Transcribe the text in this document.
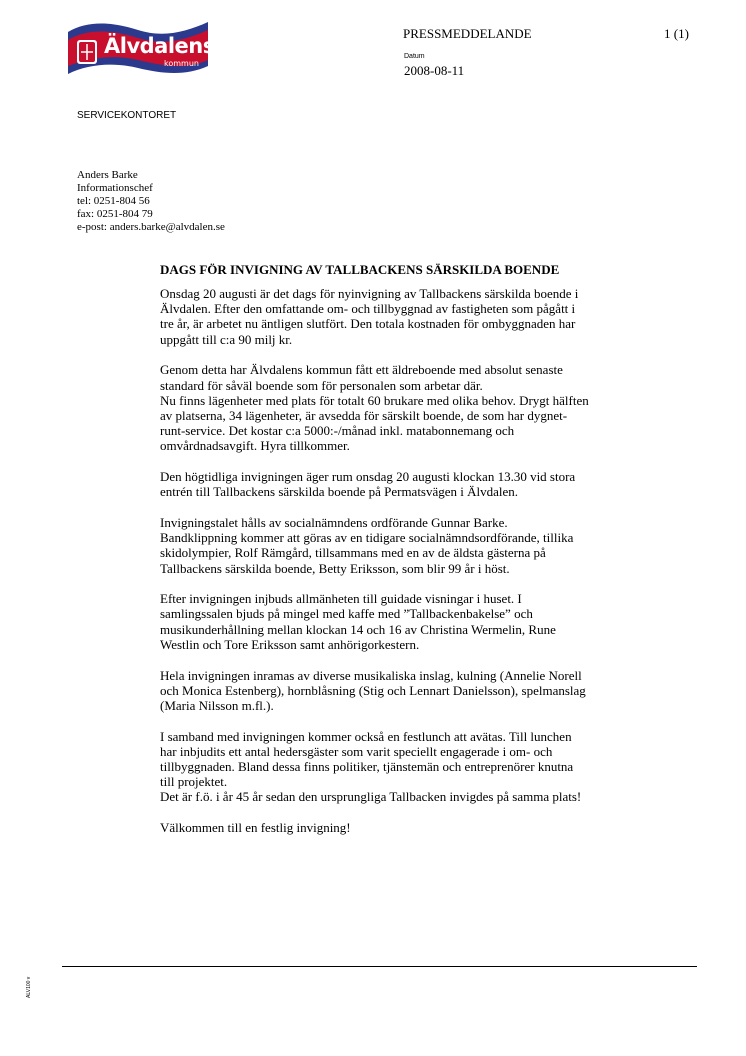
Älvdalens
kommun
PRESSMEDDELANDE	1 (1)
Datum
2008-08-11
SERVICEKONTORET
Anders Barke
Informationschef
tel: 0251-804 56
fax: 0251-804 79
e-post: anders.barke@alvdalen.se
DAGS FÖR INVIGNING AV TALLBACKENS SÄRSKILDA BOENDE

Onsdag 20 augusti är det dags för nyinvigning av Tallbackens särskilda boende i
Älvdalen. Efter den omfattande om- och tillbyggnad av fastigheten som pågått i
tre år, är arbetet nu äntligen slutfört. Den totala kostnaden för ombyggnaden har
uppgått till c:a 90 milj kr.

Genom detta har Älvdalens kommun fått ett äldreboende med absolut senaste
standard för såväl boende som för personalen som arbetar där.
Nu finns lägenheter med plats för totalt 60 brukare med olika behov. Drygt hälften
av platserna, 34 lägenheter, är avsedda för särskilt boende, de som har dygnet-
runt-service. Det kostar c:a 5000:-/månad inkl. matabonnemang och
omvårdnadsavgift. Hyra tillkommer.

Den högtidliga invigningen äger rum onsdag 20 augusti klockan 13.30 vid stora
entrén till Tallbackens särskilda boende på Permatsvägen i Älvdalen.

Invigningstalet hålls av socialnämndens ordförande Gunnar Barke.
Bandklippning kommer att göras av en tidigare socialnämndsordförande, tillika
skidolympier, Rolf Rämgård, tillsammans med en av de äldsta gästerna på
Tallbackens särskilda boende, Betty Eriksson, som blir 99 år i höst.

Efter invigningen injbuds allmänheten till guidade visningar i huset. I
samlingssalen bjuds på mingel med kaffe med ”Tallbackenbakelse” och
musikunderhållning mellan klockan 14 och 16 av Christina Wermelin, Rune
Westlin och Tore Eriksson samt anhörigorkestern.

Hela invigningen inramas av diverse musikaliska inslag, kulning (Annelie Norell
och Monica Estenberg), hornblåsning (Stig och Lennart Danielsson), spelmanslag
(Maria Nilsson m.fl.).

I samband med invigningen kommer också en festlunch att avätas. Till lunchen
har inbjudits ett antal hedersgäster som varit speciellt engagerade i om- och
tillbyggnaden. Bland dessa finns politiker, tjänstemän och entreprenörer knutna
till projektet.
Det är f.ö. i år 45 år sedan den ursprungliga Tallbacken invigdes på samma plats!

Välkommen till en festlig invigning!

ALV100 v
